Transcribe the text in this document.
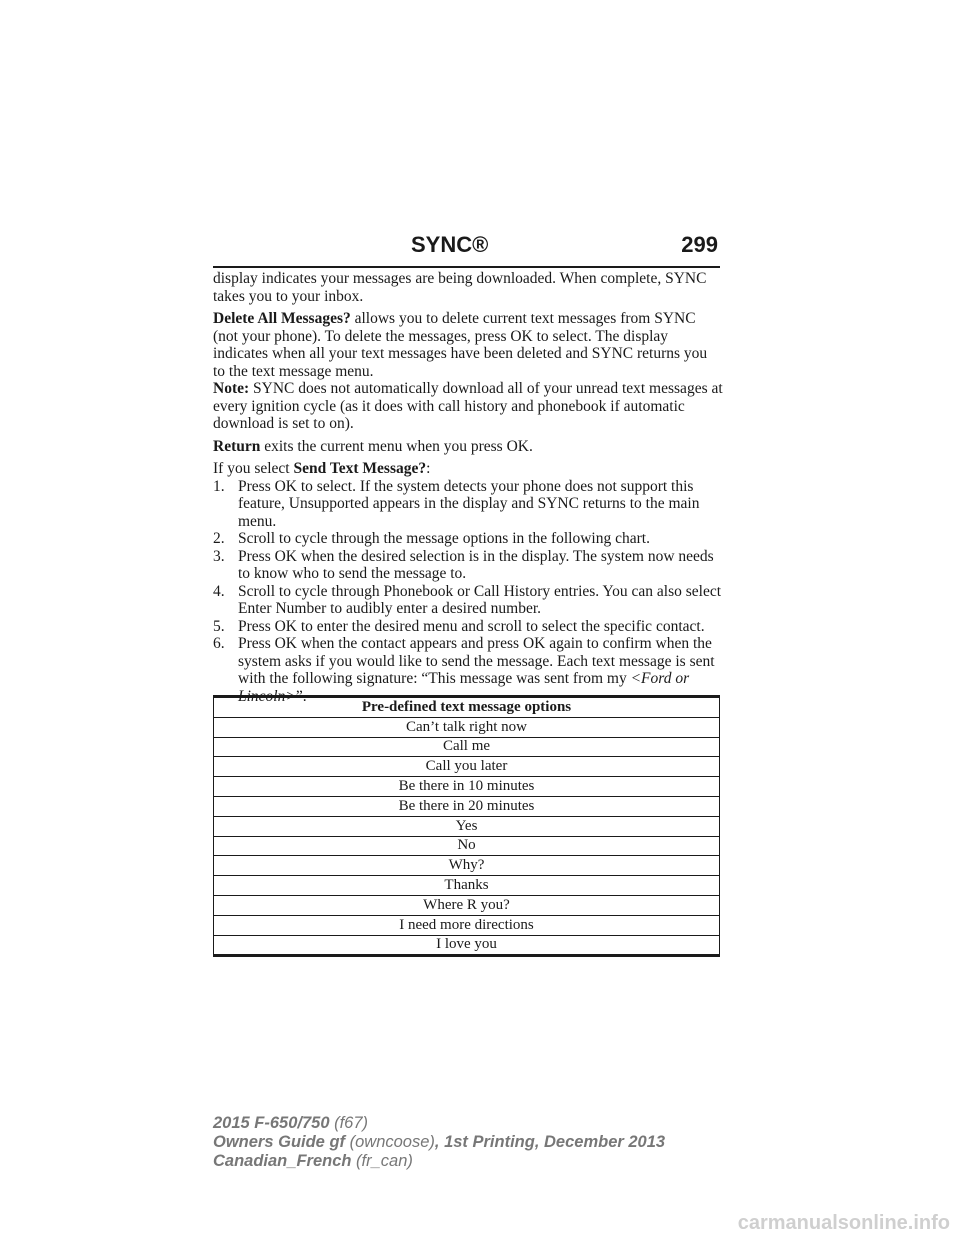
SYNC®	299

display indicates your messages are being downloaded. When complete, SYNC takes you to your inbox.

Delete All Messages? allows you to delete current text messages from SYNC (not your phone). To delete the messages, press OK to select. The display indicates when all your text messages have been deleted and SYNC returns you to the text message menu.

Note: SYNC does not automatically download all of your unread text messages at every ignition cycle (as it does with call history and phonebook if automatic download is set to on).

Return exits the current menu when you press OK.

If you select Send Text Message?:

1. Press OK to select. If the system detects your phone does not support this feature, Unsupported appears in the display and SYNC returns to the main menu.
2. Scroll to cycle through the message options in the following chart.
3. Press OK when the desired selection is in the display. The system now needs to know who to send the message to.
4. Scroll to cycle through Phonebook or Call History entries. You can also select Enter Number to audibly enter a desired number.
5. Press OK to enter the desired menu and scroll to select the specific contact.
6. Press OK when the contact appears and press OK again to confirm when the system asks if you would like to send the message. Each text message is sent with the following signature: “This message was sent from my <Ford or Lincoln>”.
Pre-defined text message options
Can’t talk right now
Call me
Call you later
Be there in 10 minutes
Be there in 20 minutes
Yes
No
Why?
Thanks
Where R you?
I need more directions
I love you
2015 F-650/750 (f67)
Owners Guide gf (owncoose), 1st Printing, December 2013
Canadian_French (fr_can)
carmanualsonline.info
